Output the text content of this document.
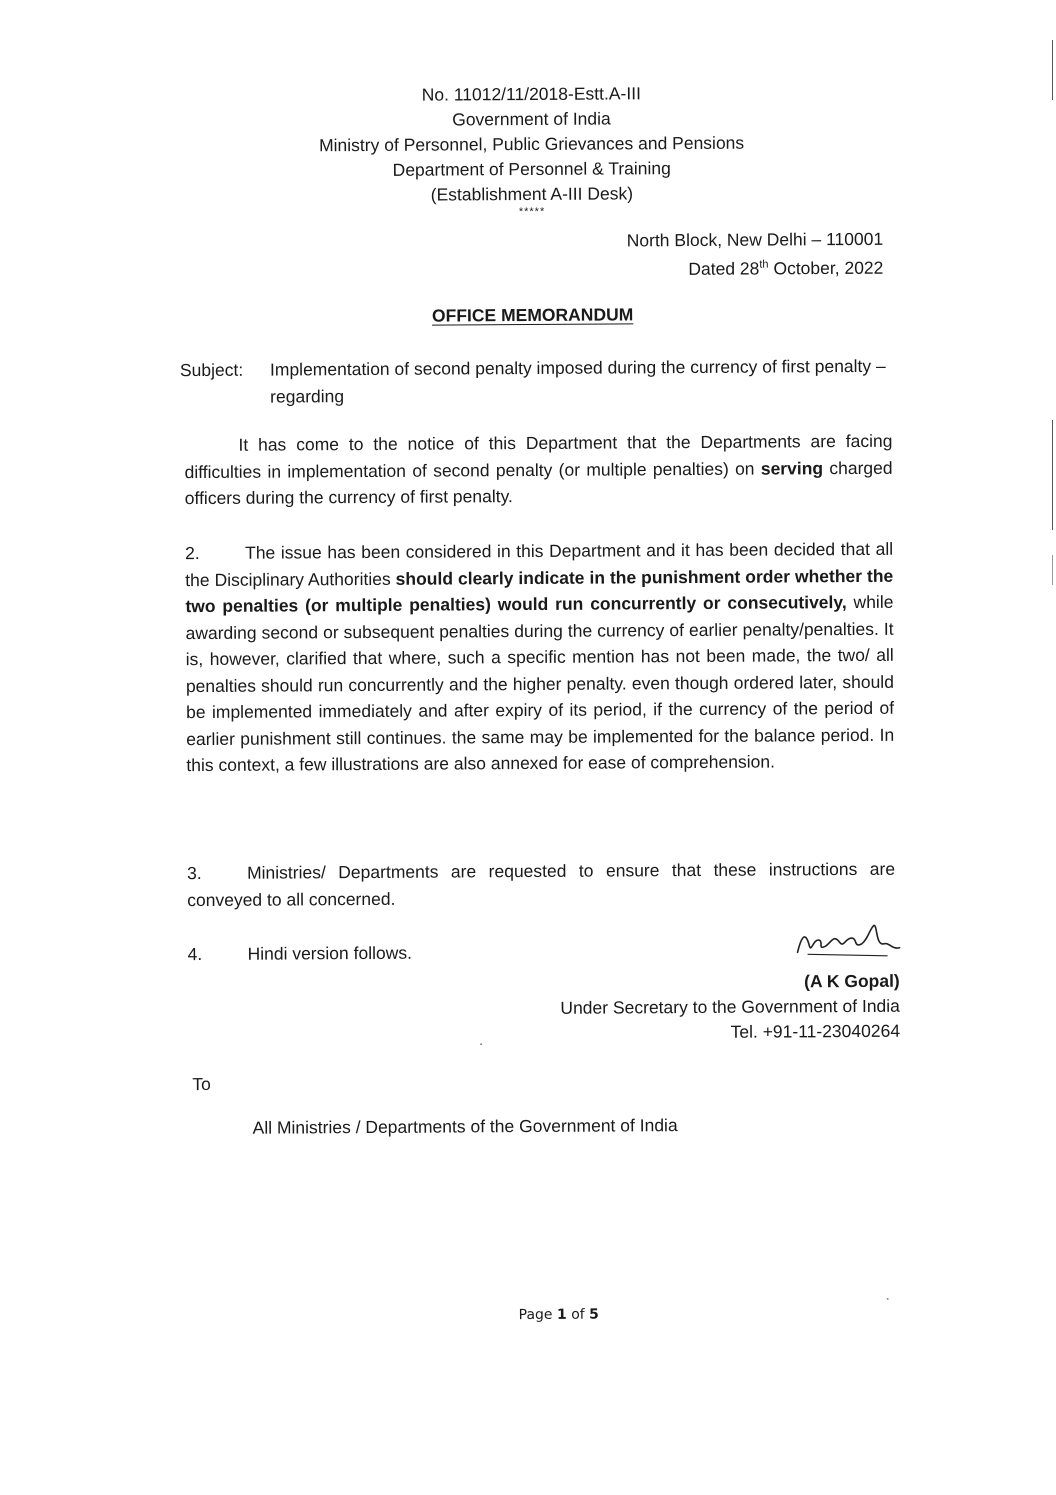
No. 11012/11/2018-Estt.A-III
Government of India
Ministry of Personnel, Public Grievances and Pensions
Department of Personnel & Training
(Establishment A-III Desk)
*****
North Block, New Delhi – 110001
Dated 28th October, 2022
OFFICE MEMORANDUM
Subject: Implementation of second penalty imposed during the currency of first penalty – regarding
It has come to the notice of this Department that the Departments are facing difficulties in implementation of second penalty (or multiple penalties) on serving charged officers during the currency of first penalty.
2.	The issue has been considered in this Department and it has been decided that all the Disciplinary Authorities should clearly indicate in the punishment order whether the two penalties (or multiple penalties) would run concurrently or consecutively, while awarding second or subsequent penalties during the currency of earlier penalty/penalties. It is, however, clarified that where, such a specific mention has not been made, the two/ all penalties should run concurrently and the higher penalty. even though ordered later, should be implemented immediately and after expiry of its period, if the currency of the period of earlier punishment still continues. the same may be implemented for the balance period. In this context, a few illustrations are also annexed for ease of comprehension.
3.	Ministries/ Departments are requested to ensure that these instructions are conveyed to all concerned.
4.	Hindi version follows.
(A K Gopal)
Under Secretary to the Government of India
Tel. +91-11-23040264
To
All Ministries / Departments of the Government of India
Page 1 of 5
